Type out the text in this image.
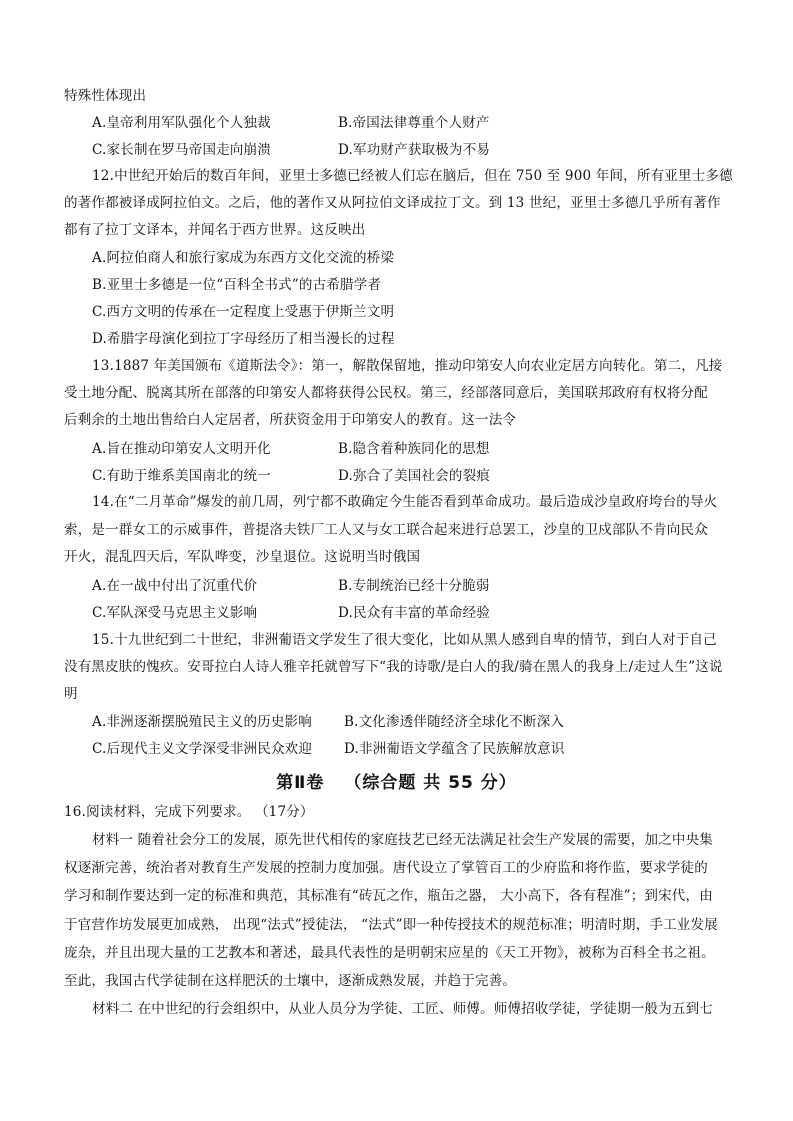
特殊性体现出
A.皇帝利用军队强化个人独裁	B.帝国法律尊重个人财产
C.家长制在罗马帝国走向崩溃	D.军功财产获取极为不易
12.中世纪开始后的数百年间，亚里士多德已经被人们忘在脑后，但在 750 至 900 年间，所有亚里士多德
的著作都被译成阿拉伯文。之后，他的著作又从阿拉伯文译成拉丁文。到 13 世纪，亚里士多德几乎所有著作
都有了拉丁文译本，并闻名于西方世界。这反映出
A.阿拉伯商人和旅行家成为东西方文化交流的桥梁
B.亚里士多德是一位“百科全书式”的古希腊学者
C.西方文明的传承在一定程度上受惠于伊斯兰文明
D.希腊字母演化到拉丁字母经历了相当漫长的过程
13.1887 年美国颁布《道斯法令》：第一，解散保留地，推动印第安人向农业定居方向转化。第二，凡接
受土地分配、脱离其所在部落的印第安人都将获得公民权。第三，经部落同意后，美国联邦政府有权将分配
后剩余的土地出售给白人定居者，所获资金用于印第安人的教育。这一法令
A.旨在推动印第安人文明开化	B.隐含着种族同化的思想
C.有助于维系美国南北的统一	D.弥合了美国社会的裂痕
14.在“二月革命”爆发的前几周，列宁都不敢确定今生能否看到革命成功。最后造成沙皇政府垮台的导火
索，是一群女工的示威事件，普提洛夫铁厂工人又与女工联合起来进行总罢工，沙皇的卫戍部队不肯向民众
开火，混乱四天后，军队哗变，沙皇退位。这说明当时俄国
A.在一战中付出了沉重代价	B.专制统治已经十分脆弱
C.军队深受马克思主义影响	D.民众有丰富的革命经验
15.十九世纪到二十世纪，非洲葡语文学发生了很大变化，比如从黑人感到自卑的情节，到白人对于自己
没有黑皮肤的愧疚。安哥拉白人诗人雅辛托就曾写下“我的诗歌/是白人的我/骑在黑人的我身上/走过人生”这说
明
A.非洲逐渐摆脱殖民主义的历史影响 B.文化渗透伴随经济全球化不断深入
C.后现代主义文学深受非洲民众欢迎 D.非洲葡语文学蕴含了民族解放意识
第Ⅱ卷 （综合题 共 55 分）
16.阅读材料，完成下列要求。 （17分）
材料一 随着社会分工的发展，原先世代相传的家庭技艺已经无法满足社会生产发展的需要，加之中央集
权逐渐完善，统治者对教育生产发展的控制力度加强。唐代设立了掌管百工的少府监和将作监，要求学徒的
学习和制作要达到一定的标准和典范，其标准有“砖瓦之作，瓶缶之器， 大小高下，各有程准”；到宋代，由
于官营作坊发展更加成熟， 出现“法式”授徒法， “法式”即一种传授技术的规范标准；明清时期，手工业发展
庞杂，并且出现大量的工艺教本和著述，最具代表性的是明朝宋应星的《天工开物》，被称为百科全书之祖。
至此，我国古代学徒制在这样肥沃的土壤中，逐渐成熟发展，并趋于完善。
材料二 在中世纪的行会组织中，从业人员分为学徒、工匠、师傅。师傅招收学徒，学徒期一般为五到七
